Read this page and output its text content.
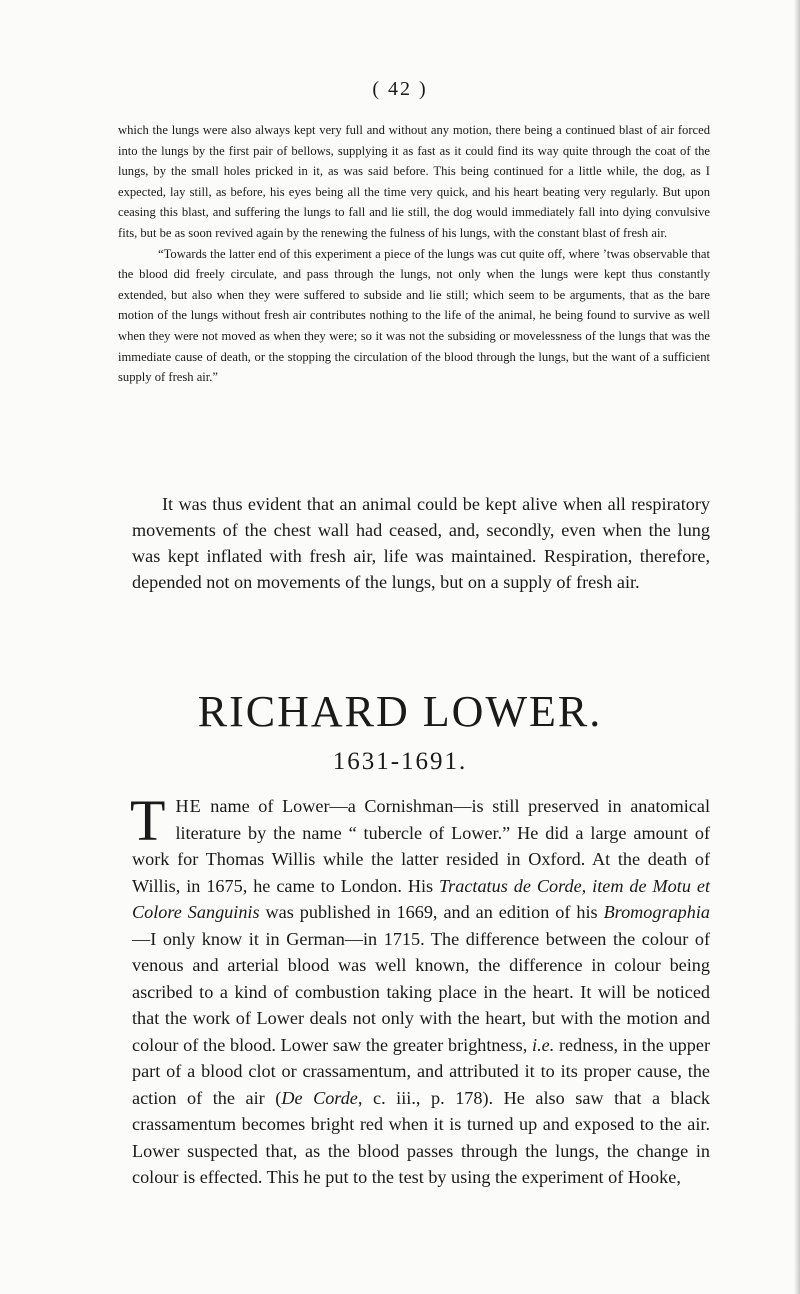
( 42 )

which the lungs were also always kept very full and without any motion, there being a continued blast of air forced into the lungs by the first pair of bellows, supplying it as fast as it could find its way quite through the coat of the lungs, by the small holes pricked in it, as was said before. This being continued for a little while, the dog, as I expected, lay still, as before, his eyes being all the time very quick, and his heart beating very regularly. But upon ceasing this blast, and suffering the lungs to fall and lie still, the dog would immediately fall into dying convulsive fits, but be as soon revived again by the renewing the fulness of his lungs, with the constant blast of fresh air.

“Towards the latter end of this experiment a piece of the lungs was cut quite off, where ’twas observable that the blood did freely circulate, and pass through the lungs, not only when the lungs were kept thus constantly extended, but also when they were suffered to subside and lie still; which seem to be arguments, that as the bare motion of the lungs without fresh air contributes nothing to the life of the animal, he being found to survive as well when they were not moved as when they were; so it was not the subsiding or movelessness of the lungs that was the immediate cause of death, or the stopping the circulation of the blood through the lungs, but the want of a sufficient supply of fresh air.”

It was thus evident that an animal could be kept alive when all respiratory movements of the chest wall had ceased, and, secondly, even when the lung was kept inflated with fresh air, life was maintained. Respiration, therefore, depended not on movements of the lungs, but on a supply of fresh air.

RICHARD LOWER.
1631-1691.

THE name of Lower—a Cornishman—is still preserved in anatomical literature by the name “ tubercle of Lower.” He did a large amount of work for Thomas Willis while the latter resided in Oxford. At the death of Willis, in 1675, he came to London. His Tractatus de Corde, item de Motu et Colore Sanguinis was published in 1669, and an edition of his Bromographia—I only know it in German—in 1715. The difference between the colour of venous and arterial blood was well known, the difference in colour being ascribed to a kind of combustion taking place in the heart. It will be noticed that the work of Lower deals not only with the heart, but with the motion and colour of the blood. Lower saw the greater brightness, i.e. redness, in the upper part of a blood clot or crassamentum, and attributed it to its proper cause, the action of the air (De Corde, c. iii., p. 178). He also saw that a black crassamentum becomes bright red when it is turned up and exposed to the air. Lower suspected that, as the blood passes through the lungs, the change in colour is effected. This he put to the test by using the experiment of Hooke,
